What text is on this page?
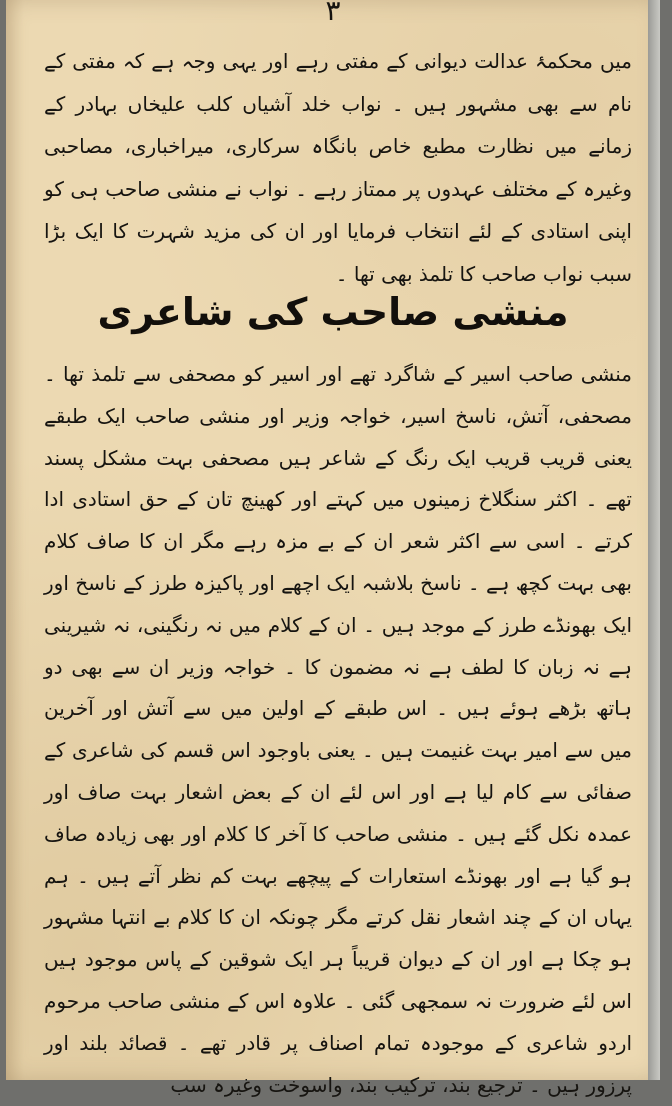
۳

میں محکمۂ عدالت دیوانی کے مفتی رہے اور یہی وجہ ہے کہ مفتی کے نام سے بھی مشہور ہیں ۔ نواب خلد آشیاں کلب علیخاں بہادر کے زمانے میں نظارت مطبع خاص بانگاہ سرکاری، میراخباری، مصاحبی وغیرہ کے مختلف عہدوں پر ممتاز رہے ۔ نواب نے منشی صاحب ہی کو اپنی استادی کے لئے انتخاب فرمایا اور ان کی مزید شہرت کا ایک بڑا سبب نواب صاحب کا تلمذ بھی تھا ۔

منشی صاحب کی شاعری

منشی صاحب اسیر کے شاگرد تھے اور اسیر کو مصحفی سے تلمذ تھا ۔ مصحفی، آتش، ناسخ اسیر، خواجہ وزیر اور منشی صاحب ایک طبقے یعنی قریب قریب ایک رنگ کے شاعر ہیں مصحفی بہت مشکل پسند تھے ۔ اکثر سنگلاخ زمینوں میں کہتے اور کھینچ تان کے حق استادی ادا کرتے ۔ اسی سے اکثر شعر ان کے بے مزہ رہے مگر ان کا صاف کلام بھی بہت کچھ ہے ۔ ناسخ بلاشبہ ایک اچھے اور پاکیزہ طرز کے ناسخ اور ایک بھونڈے طرز کے موجد ہیں ۔ ان کے کلام میں نہ رنگینی، نہ شیرینی ہے نہ زبان کا لطف ہے نہ مضمون کا ۔ خواجہ وزیر ان سے بھی دو ہاتھ بڑھے ہوئے ہیں ۔ اس طبقے کے اولین میں سے آتش اور آخرین میں سے امیر بہت غنیمت ہیں ۔ یعنی باوجود اس قسم کی شاعری کے صفائی سے کام لیا ہے اور اس لئے ان کے بعض اشعار بہت صاف اور عمدہ نکل گئے ہیں ۔ منشی صاحب کا آخر کا کلام اور بھی زیادہ صاف ہو گیا ہے اور بھونڈے استعارات کے پیچھے بہت کم نظر آتے ہیں ۔ ہم یہاں ان کے چند اشعار نقل کرتے مگر چونکہ ان کا کلام بے انتہا مشہور ہو چکا ہے اور ان کے دیوان قریباً ہر ایک شوقین کے پاس موجود ہیں اس لئے ضرورت نہ سمجھی گئی ۔ علاوہ اس کے منشی صاحب مرحوم اردو شاعری کے موجودہ تمام اصناف پر قادر تھے ۔ قصائد بلند اور پرزور ہیں ۔ ترجیع بند، ترکیب بند، واسوخت وغیرہ سب
